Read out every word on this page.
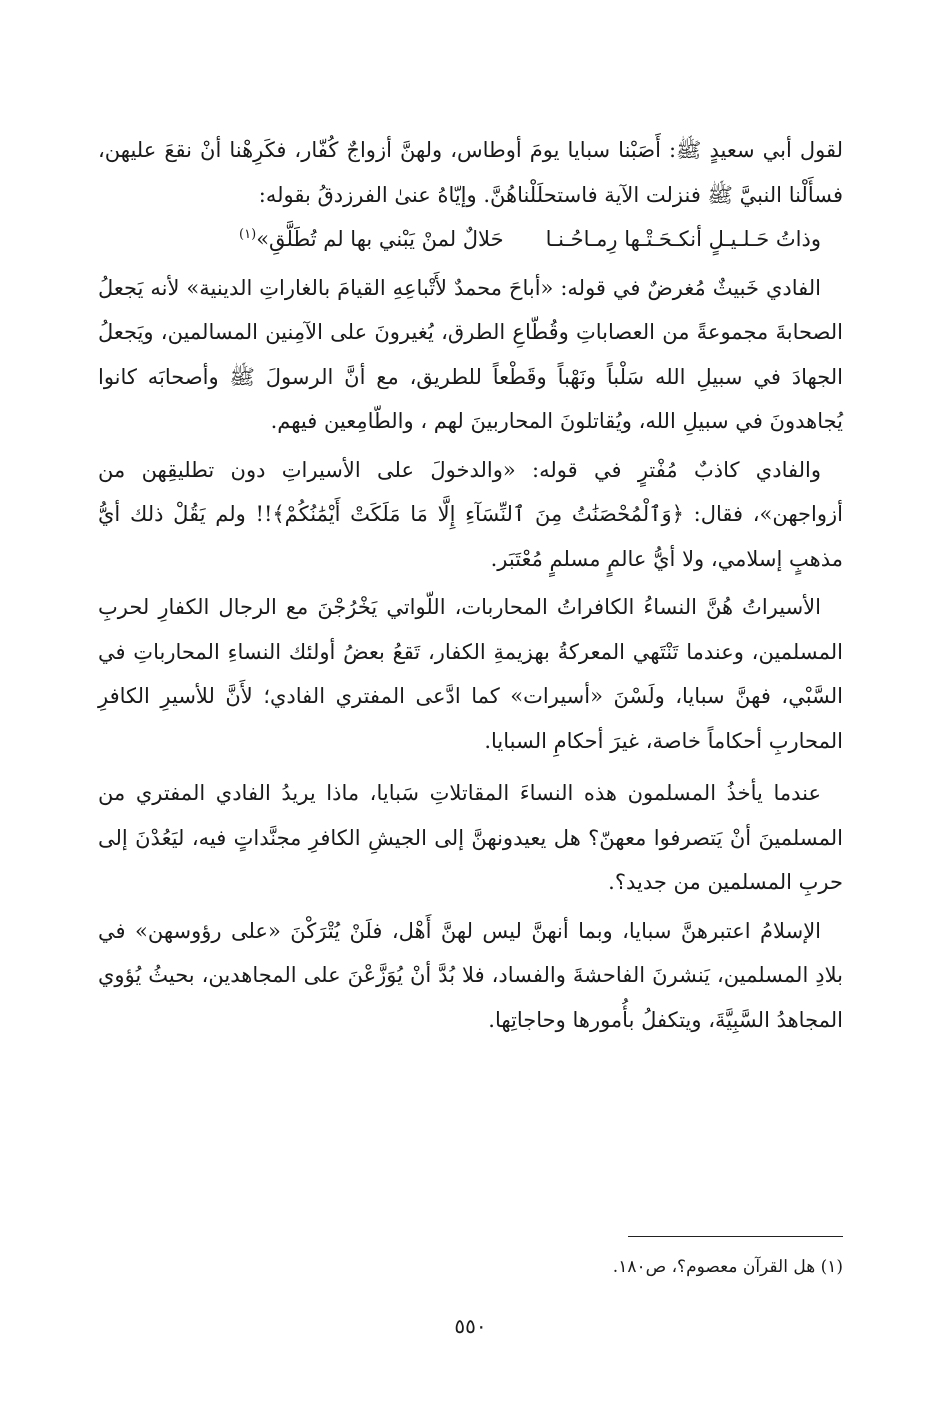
لقول أبي سعيدٍ ﷺ: أَصَبْنا سبايا يومَ أوطاس، ولهنَّ أزواجٌ كُفّار، فكَرِهْنا أنْ نقعَ عليهن، فسأَلْنا النبيَّ ﷺ فنزلت الآية فاستحلَلْناهُنَّ. وإيّاهُ عنىٰ الفرزدقُ بقوله:

وذاتُ حَـلـيـلٍ أنكـحَـتْـها رِمـاحُـنـا
حَلالٌ لمنْ يَبْني بها لم تُطَلَّقِ»$^{(١)}$

الفادي خَبيثٌ مُغرضٌ في قوله: «أباحَ محمدٌ لأَتْباعِهِ القيامَ بالغاراتِ الدينية» لأنه يَجعلُ الصحابةَ مجموعةً من العصاباتِ وقُطّاعِ الطرق، يُغيرونَ على الآمِنين المسالمين، ويَجعلُ الجهادَ في سبيلِ الله سَلْباً ونَهْباً وقَطْعاً للطريق، مع أنَّ الرسولَ ﷺ وأصحابَه كانوا يُجاهدونَ في سبيلِ الله، ويُقاتلونَ المحاربينَ لهم ، والطّامِعين فيهم.

والفادي كاذبٌ مُفْترٍ في قوله: «والدخولَ على الأسيراتِ دون تطليقِهن من أزواجهن»، فقال: ﴿وَٱلْمُحْصَنَٰتُ مِنَ ٱلنِّسَآءِ إِلَّا مَا مَلَكَتْ أَيْمَٰنُكُمْ﴾!! ولم يَقُلْ ذلك أيُّ مذهبٍ إسلامي، ولا أيُّ عالمٍ مسلمٍ مُعْتَبَر.

الأسيراتُ هُنَّ النساءُ الكافراتُ المحاربات، اللّواتي يَخْرُجْنَ مع الرجال الكفارِ لحربِ المسلمين، وعندما تَنْتَهي المعركةُ بهزيمةِ الكفار، تَقعُ بعضُ أولئك النساءِ المحارباتِ في السَّبْي، فهنَّ سبايا، ولَسْنَ «أسيرات» كما ادَّعى المفتري الفادي؛ لأَنَّ للأسيرِ الكافرِ المحاربِ أحكاماً خاصة، غيرَ أحكامِ السبايا.

عندما يأخذُ المسلمون هذه النساءَ المقاتلاتِ سَبايا، ماذا يريدُ الفادي المفتري من المسلمينَ أنْ يَتصرفوا معهنّ؟ هل يعيدونهنَّ إلى الجيشِ الكافرِ مجنَّداتٍ فيه، ليَعُدْنَ إلى حربِ المسلمين من جديد؟.

الإسلامُ اعتبرهنَّ سبايا، وبما أنهنَّ ليس لهنَّ أَهْل، فلَنْ يُتْرَكْنَ «على رؤوسهن» في بلادِ المسلمين، يَنشرنَ الفاحشةَ والفساد، فلا بُدَّ أنْ يُوَزَّعْنَ على المجاهدين، بحيثُ يُؤوي المجاهدُ السَّبِيَّةَ، ويتكفلُ بأُمورها وحاجاتِها.

(١) هل القرآن معصوم؟، ص١٨٠.
٥٥٠
